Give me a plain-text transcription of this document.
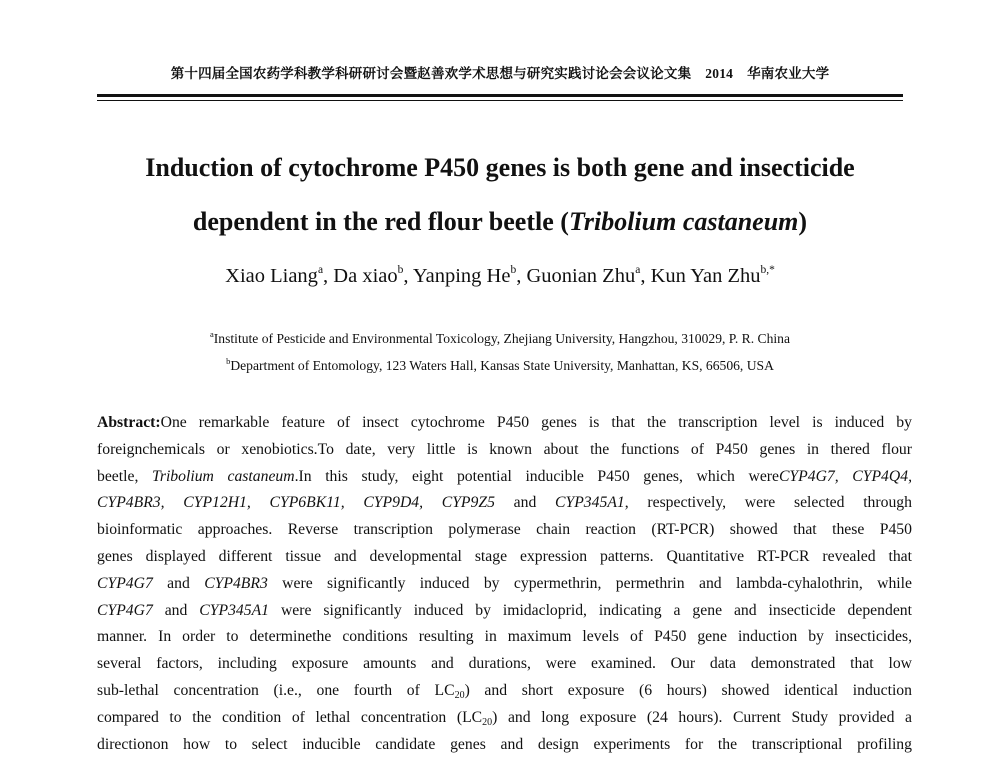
第十四届全国农药学科教学科研研讨会暨赵善欢学术思想与研究实践讨论会会议论文集 2014 华南农业大学
Induction of cytochrome P450 genes is both gene and insecticide
dependent in the red flour beetle (Tribolium castaneum)
Xiao Liang$^a$, Da xiao$^b$, Yanping He$^b$, Guonian Zhu$^a$, Kun Yan Zhu$^{b,*}$
$^a$Institute of Pesticide and Environmental Toxicology, Zhejiang University, Hangzhou, 310029, P. R. China
$^b$Department of Entomology, 123 Waters Hall, Kansas State University, Manhattan, KS, 66506, USA
Abstract:One remarkable feature of insect cytochrome P450 genes is that the transcription level is induced by
foreignchemicals or xenobiotics.To date, very little is known about the functions of P450 genes in thered flour
beetle, Tribolium castaneum.In this study, eight potential inducible P450 genes, which wereCYP4G7, CYP4Q4,
CYP4BR3, CYP12H1, CYP6BK11, CYP9D4, CYP9Z5 and CYP345A1, respectively, were selected through
bioinformatic approaches. Reverse transcription polymerase chain reaction (RT-PCR) showed that these P450
genes displayed different tissue and developmental stage expression patterns. Quantitative RT-PCR revealed that
CYP4G7 and CYP4BR3 were significantly induced by cypermethrin, permethrin and lambda-cyhalothrin, while
CYP4G7 and CYP345A1 were significantly induced by imidacloprid, indicating a gene and insecticide dependent
manner. In order to determinethe conditions resulting in maximum levels of P450 gene induction by insecticides,
several factors, including exposure amounts and durations, were examined. Our data demonstrated that low
sub-lethal concentration (i.e., one fourth of $LC_{20}$) and short exposure (6 hours) showed identical induction
compared to the condition of lethal concentration $(LC_{20})$ and long exposure (24 hours). Current Study provided a
directionon how to select inducible candidate genes and design experiments for the transcriptional profiling
